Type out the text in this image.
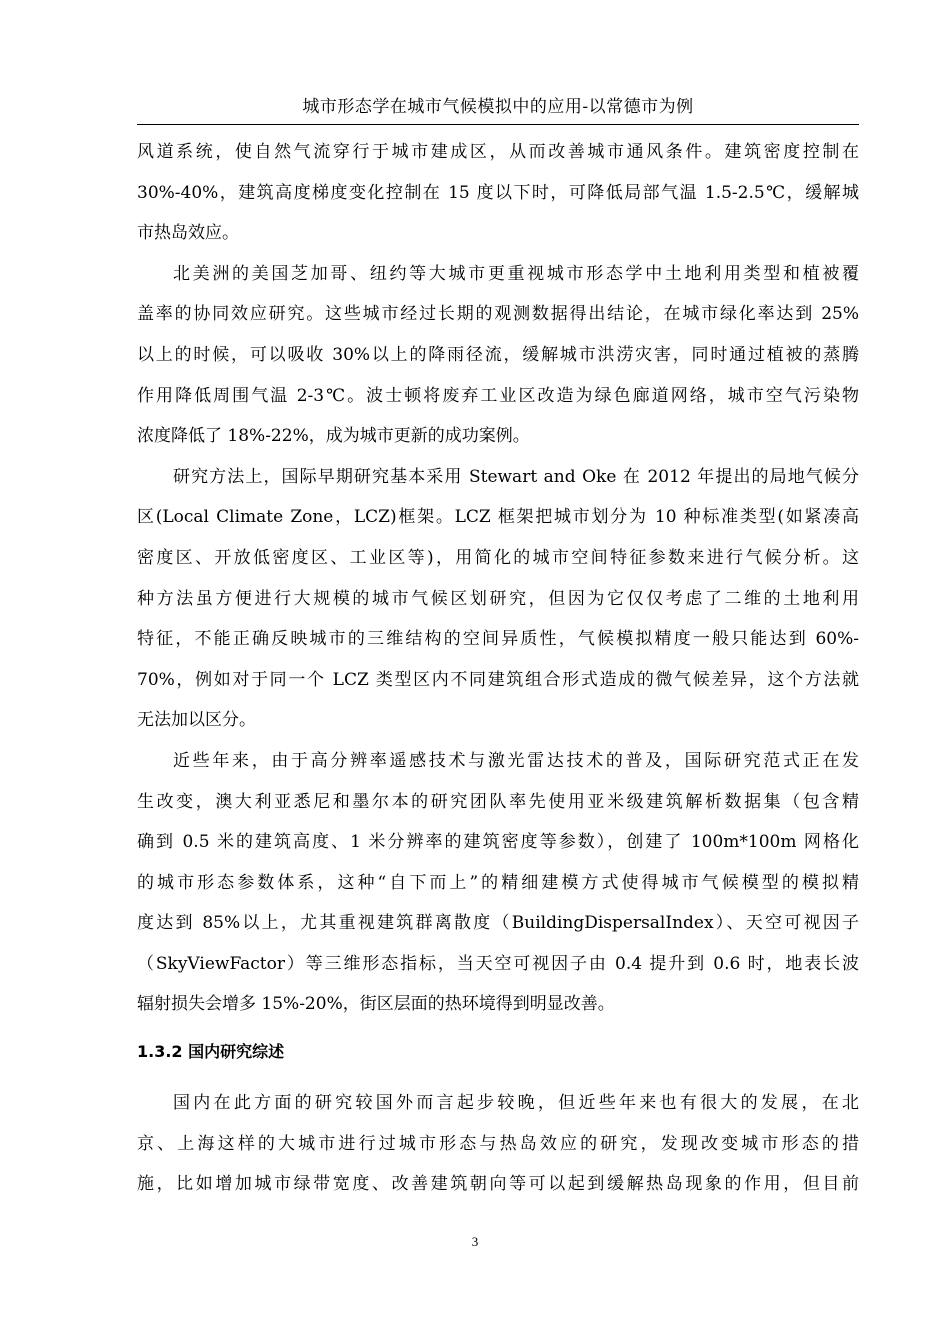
城市形态学在城市气候模拟中的应用-以常德市为例
风道系统，使自然气流穿行于城市建成区，从而改善城市通风条件。建筑密度控制在
30%-40%，建筑高度梯度变化控制在 15 度以下时，可降低局部气温 1.5-2.5℃，缓解城
市热岛效应。
北美洲的美国芝加哥、纽约等大城市更重视城市形态学中土地利用类型和植被覆
盖率的协同效应研究。这些城市经过长期的观测数据得出结论，在城市绿化率达到 25%
以上的时候，可以吸收 30%以上的降雨径流，缓解城市洪涝灾害，同时通过植被的蒸腾
作用降低周围气温 2-3℃。波士顿将废弃工业区改造为绿色廊道网络，城市空气污染物
浓度降低了 18%-22%，成为城市更新的成功案例。
研究方法上，国际早期研究基本采用 Stewart and Oke 在 2012 年提出的局地气候分
区(Local Climate Zone，LCZ)框架。LCZ 框架把城市划分为 10 种标准类型(如紧凑高
密度区、开放低密度区、工业区等)，用简化的城市空间特征参数来进行气候分析。这
种方法虽方便进行大规模的城市气候区划研究，但因为它仅仅考虑了二维的土地利用
特征，不能正确反映城市的三维结构的空间异质性，气候模拟精度一般只能达到 60%-
70%，例如对于同一个 LCZ 类型区内不同建筑组合形式造成的微气候差异，这个方法就
无法加以区分。
近些年来，由于高分辨率遥感技术与激光雷达技术的普及，国际研究范式正在发
生改变，澳大利亚悉尼和墨尔本的研究团队率先使用亚米级建筑解析数据集（包含精
确到 0.5 米的建筑高度、1 米分辨率的建筑密度等参数），创建了 100m*100m 网格化
的城市形态参数体系，这种“自下而上”的精细建模方式使得城市气候模型的模拟精
度达到 85%以上，尤其重视建筑群离散度（BuildingDispersalIndex）、天空可视因子
（SkyViewFactor）等三维形态指标，当天空可视因子由 0.4 提升到 0.6 时，地表长波
辐射损失会增多 15%-20%，街区层面的热环境得到明显改善。
1.3.2 国内研究综述
国内在此方面的研究较国外而言起步较晚，但近些年来也有很大的发展，在北
京、上海这样的大城市进行过城市形态与热岛效应的研究，发现改变城市形态的措
施，比如增加城市绿带宽度、改善建筑朝向等可以起到缓解热岛现象的作用，但目前
3
